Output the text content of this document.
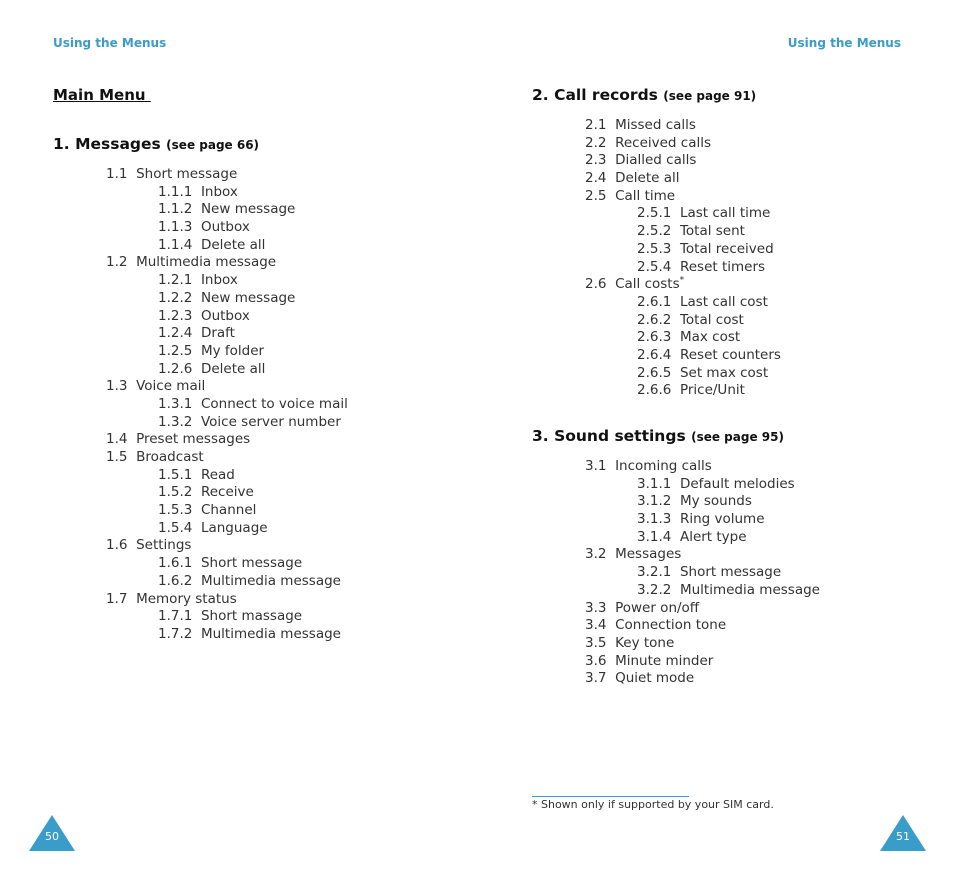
Using the Menus	Using the Menus

Main Menu
1. Messages (see page 66)
1.1 Short message
1.1.1 Inbox
1.1.2 New message
1.1.3 Outbox
1.1.4 Delete all
1.2 Multimedia message
1.2.1 Inbox
1.2.2 New message
1.2.3 Outbox
1.2.4 Draft
1.2.5 My folder
1.2.6 Delete all
1.3 Voice mail
1.3.1 Connect to voice mail
1.3.2 Voice server number
1.4 Preset messages
1.5 Broadcast
1.5.1 Read
1.5.2 Receive
1.5.3 Channel
1.5.4 Language
1.6 Settings
1.6.1 Short message
1.6.2 Multimedia message
1.7 Memory status
1.7.1 Short massage
1.7.2 Multimedia message
2. Call records (see page 91)
2.1 Missed calls
2.2 Received calls
2.3 Dialled calls
2.4 Delete all
2.5 Call time
2.5.1 Last call time
2.5.2 Total sent
2.5.3 Total received
2.5.4 Reset timers
2.6 Call costs*
2.6.1 Last call cost
2.6.2 Total cost
2.6.3 Max cost
2.6.4 Reset counters
2.6.5 Set max cost
2.6.6 Price/Unit
3. Sound settings (see page 95)
3.1 Incoming calls
3.1.1 Default melodies
3.1.2 My sounds
3.1.3 Ring volume
3.1.4 Alert type
3.2 Messages
3.2.1 Short message
3.2.2 Multimedia message
3.3 Power on/off
3.4 Connection tone
3.5 Key tone
3.6 Minute minder
3.7 Quiet mode

* Shown only if supported by your SIM card.

50	51
